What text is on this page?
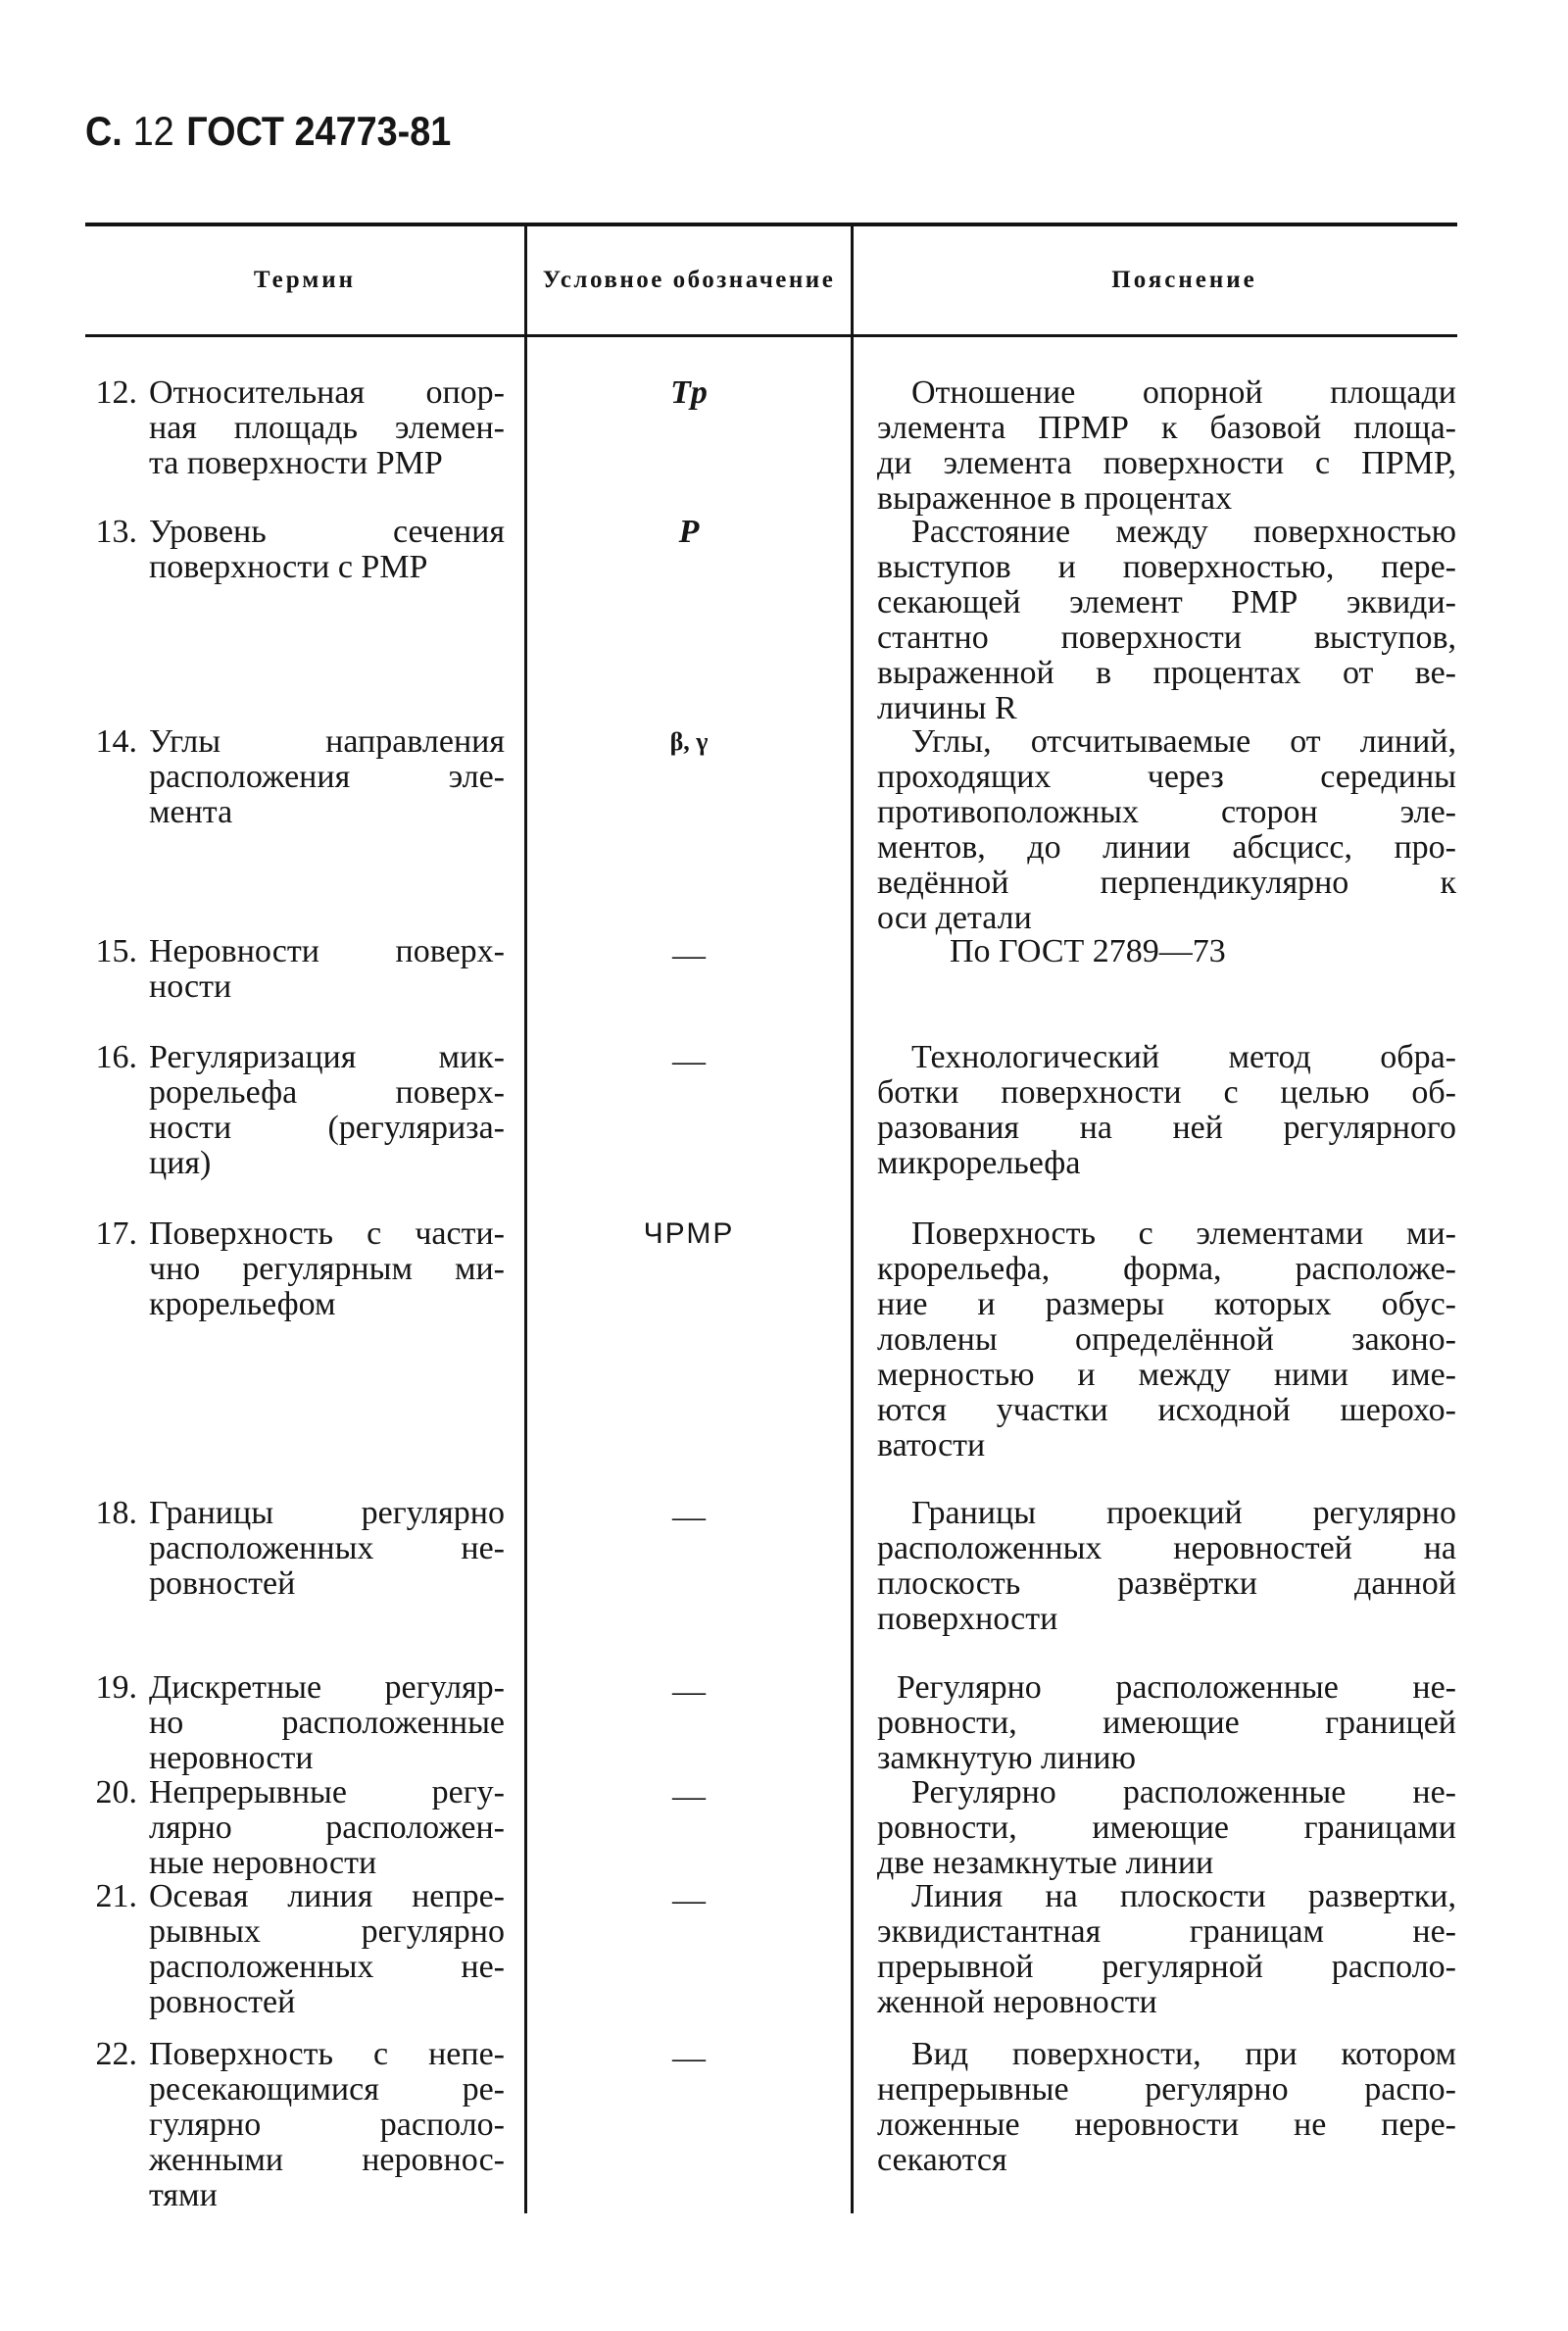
С. 12 ГОСТ 24773-81
Термин	Условное обозначение	Пояснение
12. Относительная опор-
ная площадь элемен-
та поверхности РМР
Tр	Отношение опорной площади
элемента ПРМР к базовой площа-
ди элемента поверхности с ПРМР,
выраженное в процентах
13. Уровень сечения
поверхности с РМР
P	Расстояние между поверхностью
выступов и поверхностью, пере-
секающей элемент РМР эквиди-
стантно поверхности выступов,
выраженной в процентах от ве-
личины R
14. Углы направления
расположения эле-
мента
β, γ	Углы, отсчитываемые от линий,
проходящих через середины
противоположных сторон эле-
ментов, до линии абсцисс, про-
ведённой перпендикулярно к
оси детали
15. Неровности поверх-
ности
—	По ГОСТ 2789—73
16. Регуляризация мик-
рорельефа поверх-
ности (регуляриза-
ция)
—	Технологический метод обра-
ботки поверхности с целью об-
разования на ней регулярного
микрорельефа
17. Поверхность с части-
чно регулярным ми-
крорельефом
ЧРМР	Поверхность с элементами ми-
крорельефа, форма, расположе-
ние и размеры которых обус-
ловлены определённой законо-
мерностью и между ними име-
ются участки исходной шерохо-
ватости
18. Границы регулярно
расположенных не-
ровностей
—	Границы проекций регулярно
расположенных неровностей на
плоскость развёртки данной
поверхности
19. Дискретные регуляр-
но расположенные
неровности
—	Регулярно расположенные не-
ровности, имеющие границей
замкнутую линию
20. Непрерывные регу-
лярно расположен-
ные неровности
—	Регулярно расположенные не-
ровности, имеющие границами
две незамкнутые линии
21. Осевая линия непре-
рывных регулярно
расположенных не-
ровностей
—	Линия на плоскости развертки,
эквидистантная границам не-
прерывной регулярной располо-
женной неровности
22. Поверхность с непе-
ресекающимися ре-
гулярно располо-
женными неровнос-
тями
—	Вид поверхности, при котором
непрерывные регулярно распо-
ложенные неровности не пере-
секаются
